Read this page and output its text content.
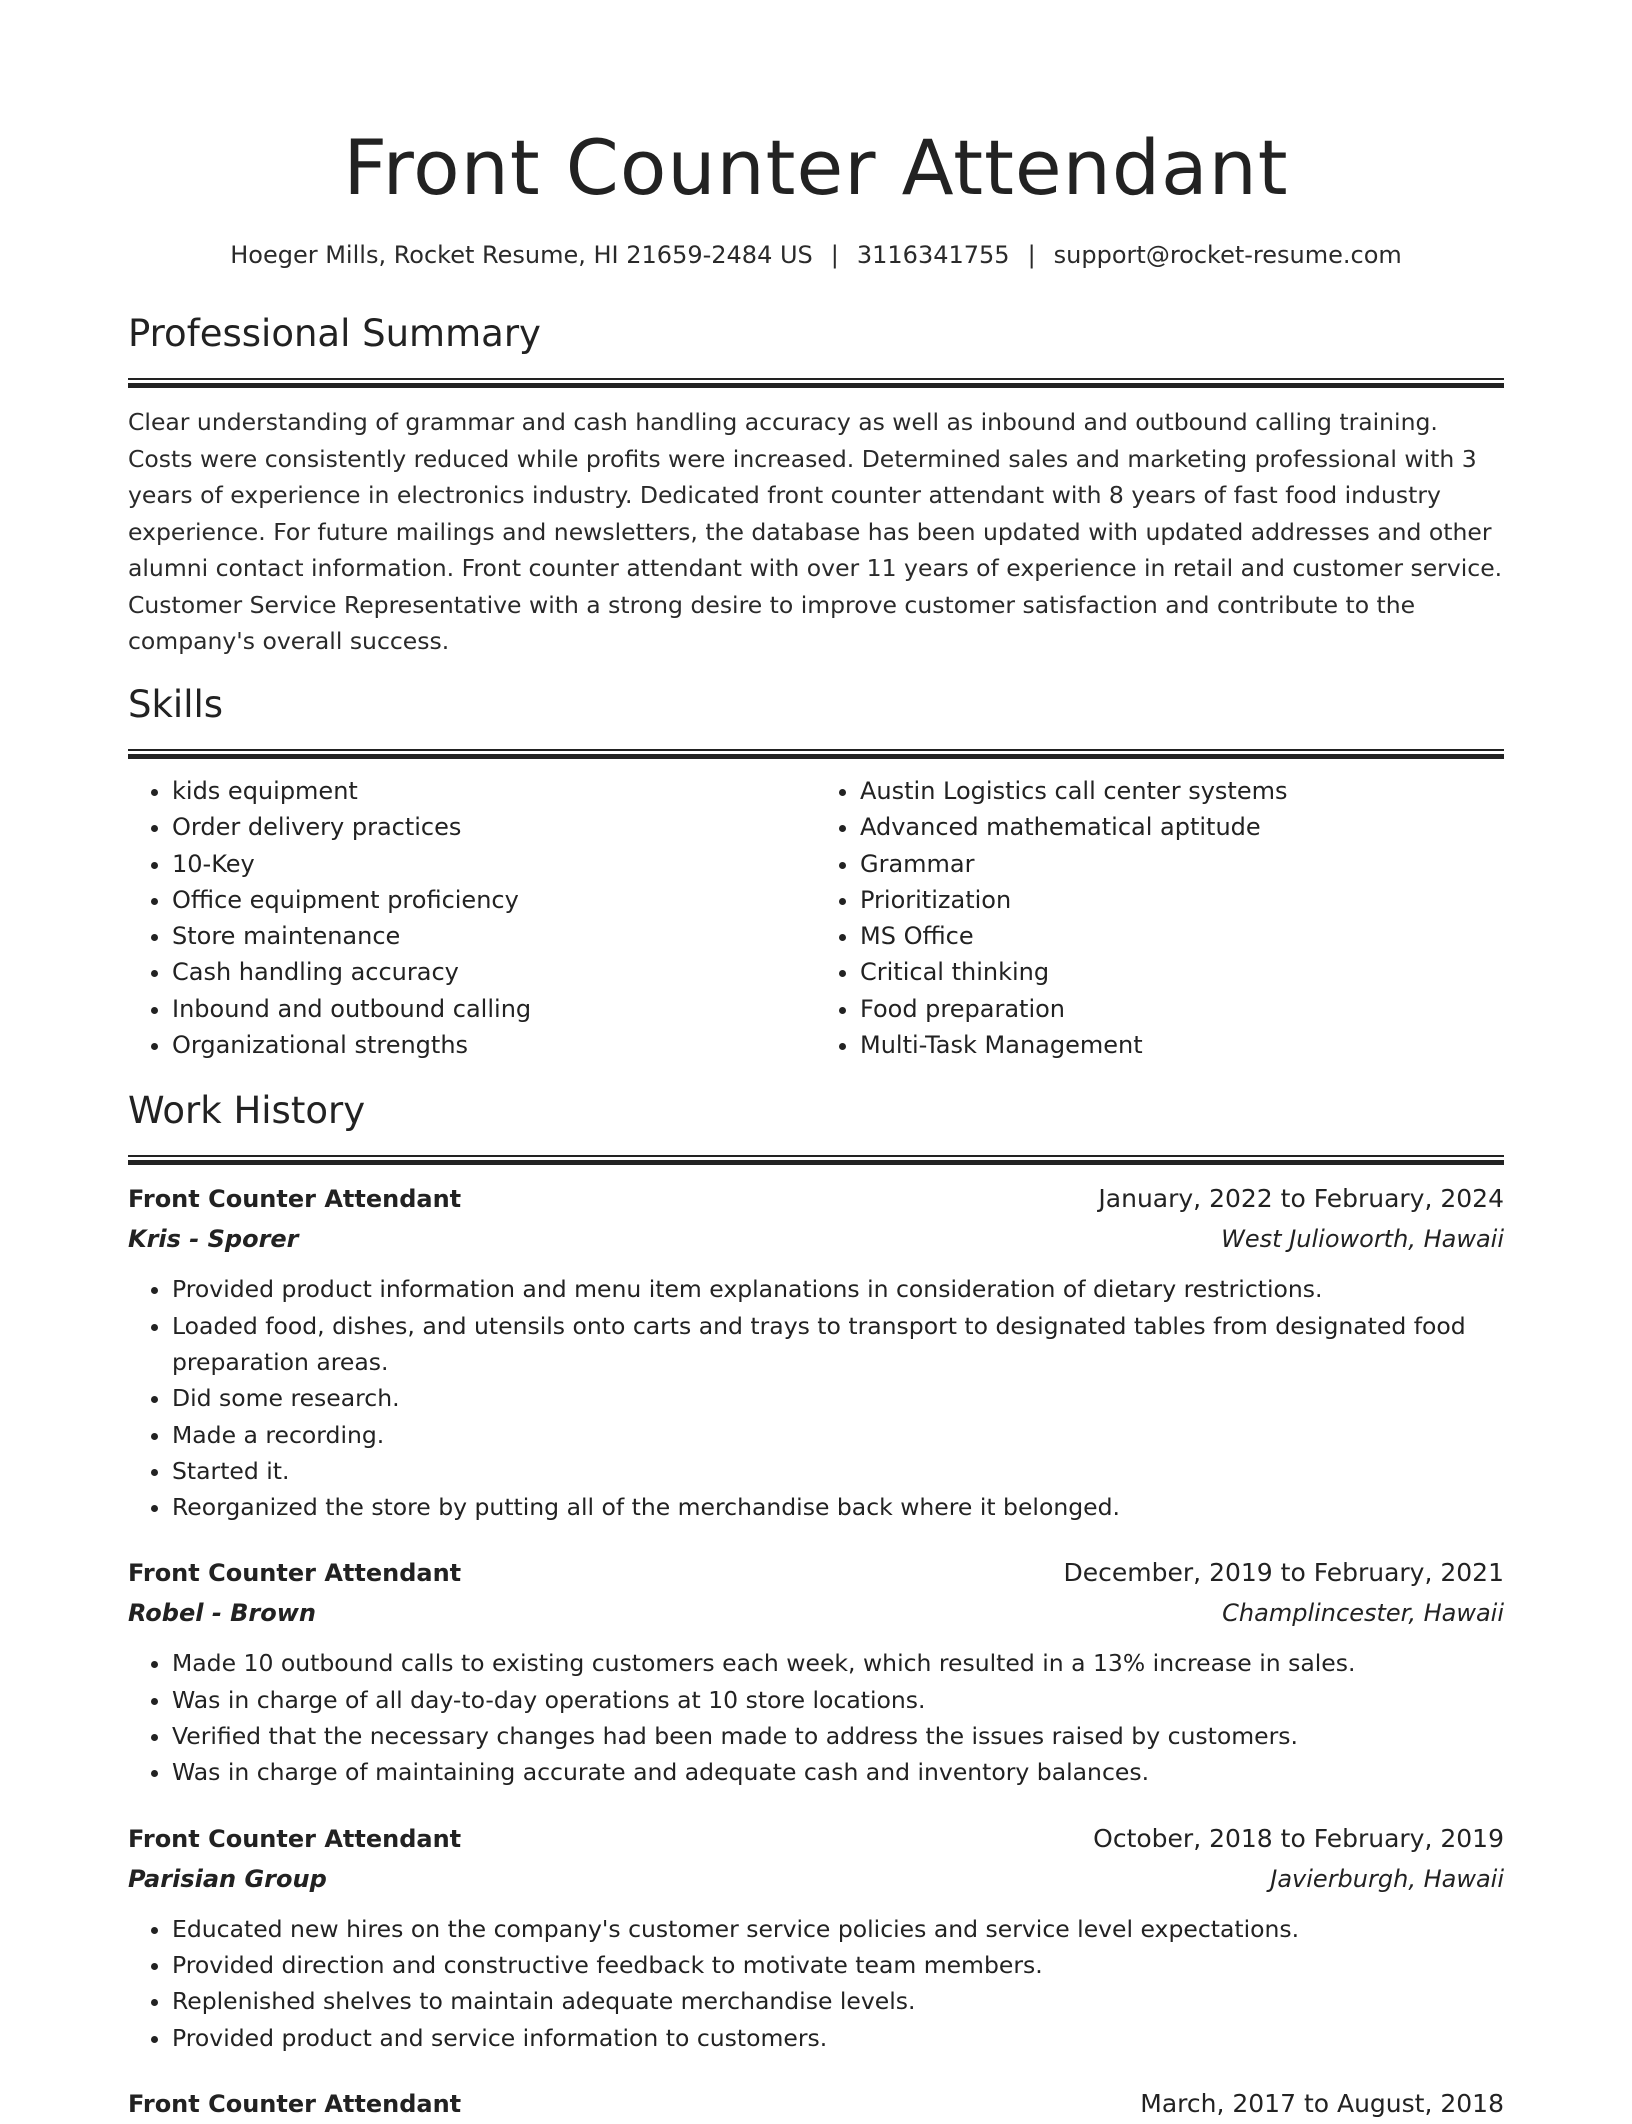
Front Counter Attendant
Hoeger Mills, Rocket Resume, HI 21659-2484 US | 3116341755 | support@rocket-resume.com
Professional Summary

Clear understanding of grammar and cash handling accuracy as well as inbound and outbound calling training. Costs were consistently reduced while profits were increased. Determined sales and marketing professional with 3 years of experience in electronics industry. Dedicated front counter attendant with 8 years of fast food industry experience. For future mailings and newsletters, the database has been updated with updated addresses and other alumni contact information. Front counter attendant with over 11 years of experience in retail and customer service. Customer Service Representative with a strong desire to improve customer satisfaction and contribute to the company's overall success.

Skills
• kids equipment
• Order delivery practices
• 10-Key
• Office equipment proficiency
• Store maintenance
• Cash handling accuracy
• Inbound and outbound calling
• Organizational strengths
• Austin Logistics call center systems
• Advanced mathematical aptitude
• Grammar
• Prioritization
• MS Office
• Critical thinking
• Food preparation
• Multi-Task Management
Work History
Front Counter Attendant	January, 2022 to February, 2024
Kris - Sporer	West Julioworth, Hawaii
• Provided product information and menu item explanations in consideration of dietary restrictions.
• Loaded food, dishes, and utensils onto carts and trays to transport to designated tables from designated food preparation areas.
• Did some research.
• Made a recording.
• Started it.
• Reorganized the store by putting all of the merchandise back where it belonged.
Front Counter Attendant	December, 2019 to February, 2021
Robel - Brown	Champlincester, Hawaii
• Made 10 outbound calls to existing customers each week, which resulted in a 13% increase in sales.
• Was in charge of all day-to-day operations at 10 store locations.
• Verified that the necessary changes had been made to address the issues raised by customers.
• Was in charge of maintaining accurate and adequate cash and inventory balances.
Front Counter Attendant	October, 2018 to February, 2019
Parisian Group	Javierburgh, Hawaii
• Educated new hires on the company's customer service policies and service level expectations.
• Provided direction and constructive feedback to motivate team members.
• Replenished shelves to maintain adequate merchandise levels.
• Provided product and service information to customers.
Front Counter Attendant	March, 2017 to August, 2018
